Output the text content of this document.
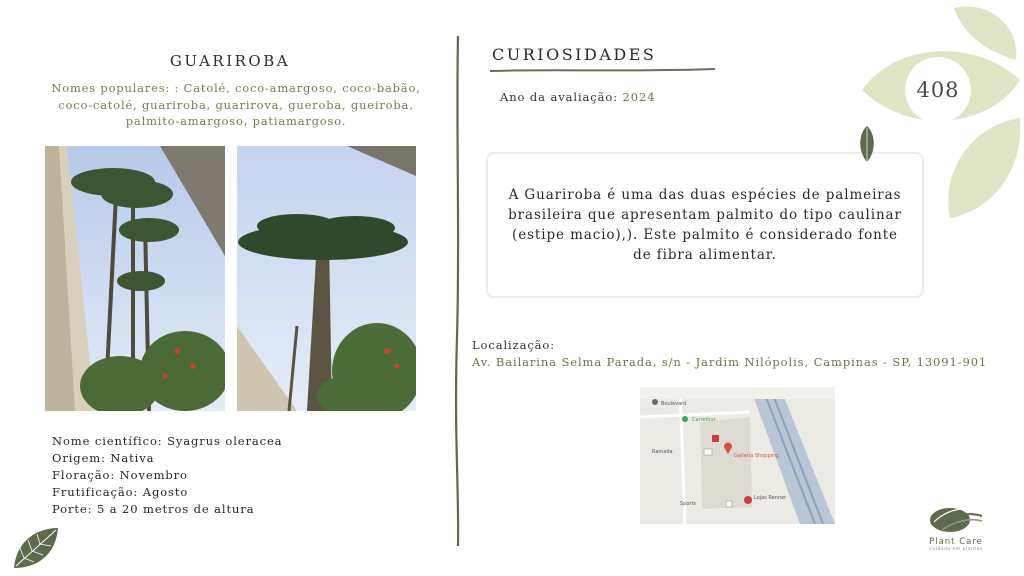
GUARIROBA
Nomes populares: : Catolé, coco-amargoso, coco-babão, coco-catolé, guariroba, guarirova, gueroba, gueiroba, palmito-amargoso, patiamargoso.
Nome científico: Syagrus oleracea
Origem: Nativa
Floração: Novembro
Frutificação: Agosto
Porte: 5 a 20 metros de altura
CURIOSIDADES
Ano da avaliação: 2024
A Guariroba é uma das duas espécies de palmeiras brasileira que apresentam palmito do tipo caulinar (estipe macio),). Este palmito é considerado fonte de fibra alimentar.
Localização:
Av. Bailarina Selma Parada, s/n - Jardim Nilópolis, Campinas - SP, 13091-901
Boulevard
Carrefour
Galleria Shopping
Lojas Renner
Ramada
Sports
408
Plant Care
cuidado em plantas
